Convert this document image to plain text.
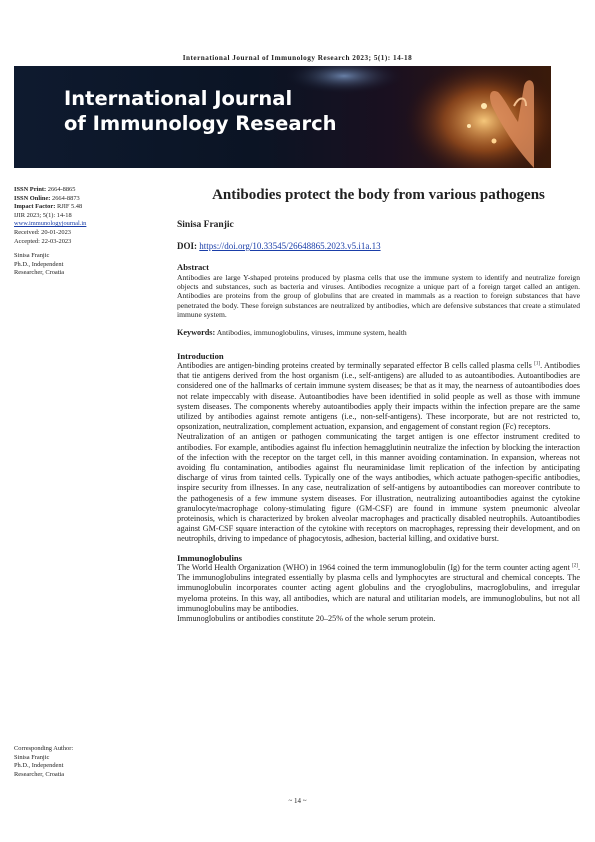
International Journal of Immunology Research 2023; 5(1): 14-18
International Journal
of Immunology Research
ISSN Print: 2664-8865
ISSN Online: 2664-8873
Impact Factor: RJIF 5.48
IJIR 2023; 5(1): 14-18
www.immunologyjournal.in
Received: 20-01-2023
Accepted: 22-03-2023
Sinisa Franjic
Ph.D., Independent
Researcher, Croatia
Corresponding Author:
Sinisa Franjic
Ph.D., Independent
Researcher, Croatia
Antibodies protect the body from various pathogens
Sinisa Franjic
DOI: https://doi.org/10.33545/26648865.2023.v5.i1a.13
Abstract

Antibodies are large Y-shaped proteins produced by plasma cells that use the immune system to identify and neutralize foreign objects and substances, such as bacteria and viruses. Antibodies recognize a unique part of a foreign target called an antigen. Antibodies are proteins from the group of globulins that are created in mammals as a reaction to foreign substances that have penetrated the body. These foreign substances are neutralized by antibodies, which are defensive substances that create a stimulated immune system.

Keywords: Antibodies, immunoglobulins, viruses, immune system, health
Introduction

Antibodies are antigen-binding proteins created by terminally separated effector B cells called plasma cells [1]. Antibodies that tie antigens derived from the host organism (i.e., self-antigens) are alluded to as autoantibodies. Autoantibodies are considered one of the hallmarks of certain immune system diseases; be that as it may, the nearness of autoantibodies does not relate impeccably with disease. Autoantibodies have been identified in solid people as well as those with immune system diseases. The components whereby autoantibodies apply their impacts within the infection prepare are the same utilized by antibodies against remote antigens (i.e., non-self-antigens). These incorporate, but are not restricted to, opsonization, neutralization, complement actuation, expansion, and engagement of constant region (Fc) receptors.

Neutralization of an antigen or pathogen communicating the target antigen is one effector instrument credited to antibodies. For example, antibodies against flu infection hemagglutinin neutralize the infection by blocking the interaction of the infection with the receptor on the target cell, in this manner avoiding contamination. In expansion, whereas not avoiding flu contamination, antibodies against flu neuraminidase limit replication of the infection by anticipating discharge of virus from tainted cells. Typically one of the ways antibodies, which actuate pathogen-specific antibodies, inspire security from illnesses. In any case, neutralization of self-antigens by autoantibodies can moreover contribute to the pathogenesis of a few immune system diseases. For illustration, neutralizing autoantibodies against the cytokine granulocyte/macrophage colony-stimulating figure (GM-CSF) are found in immune system pneumonic alveolar proteinosis, which is characterized by broken alveolar macrophages and practically disabled neutrophils. Autoantibodies against GM-CSF square interaction of the cytokine with receptors on macrophages, repressing their development, and on neutrophils, driving to impedance of phagocytosis, adhesion, bacterial killing, and oxidative burst.

Immunoglobulins

The World Health Organization (WHO) in 1964 coined the term immunoglobulin (Ig) for the term counter acting agent [2]. The immunoglobulins integrated essentially by plasma cells and lymphocytes are structural and chemical concepts. The immunoglobulin incorporates counter acting agent globulins and the cryoglobulins, macroglobulins, and irregular myeloma proteins. In this way, all antibodies, which are natural and utilitarian models, are immunoglobulins, but not all immunoglobulins may be antibodies.

Immunoglobulins or antibodies constitute 20–25% of the whole serum protein.

~ 14 ~
